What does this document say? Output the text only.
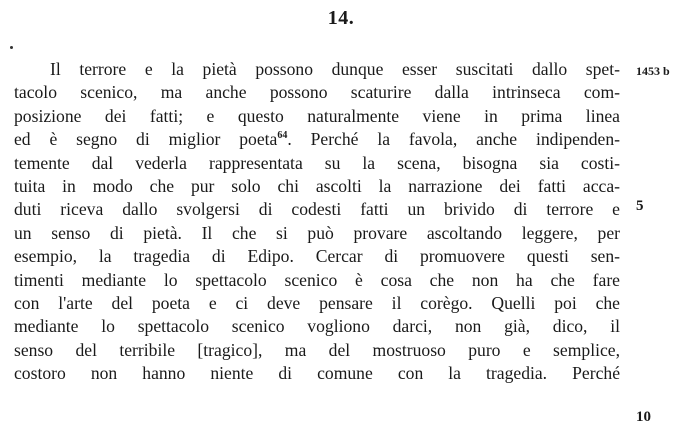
14.
Il terrore e la pietà possono dunque esser suscitati dallo spet-
tacolo scenico, ma anche possono scaturire dalla intrinseca com-
posizione dei fatti; e questo naturalmente viene in prima linea
ed è segno di miglior poeta$^{64}$. Perché la favola, anche indipenden-
temente dal vederla rappresentata su la scena, bisogna sia costi-
tuita in modo che pur solo chi ascolti la narrazione dei fatti acca-
duti riceva dallo svolgersi di codesti fatti un brivido di terrore e
un senso di pietà. Il che si può provare ascoltando leggere, per
esempio, la tragedia di Edipo. Cercar di promuovere questi sen-
timenti mediante lo spettacolo scenico è cosa che non ha che fare
con l'arte del poeta e ci deve pensare il corègo. Quelli poi che
mediante lo spettacolo scenico vogliono darci, non già, dico, il
senso del terribile [tragico], ma del mostruoso puro e semplice,
costoro non hanno niente di comune con la tragedia. Perché
1453 b
5
10
